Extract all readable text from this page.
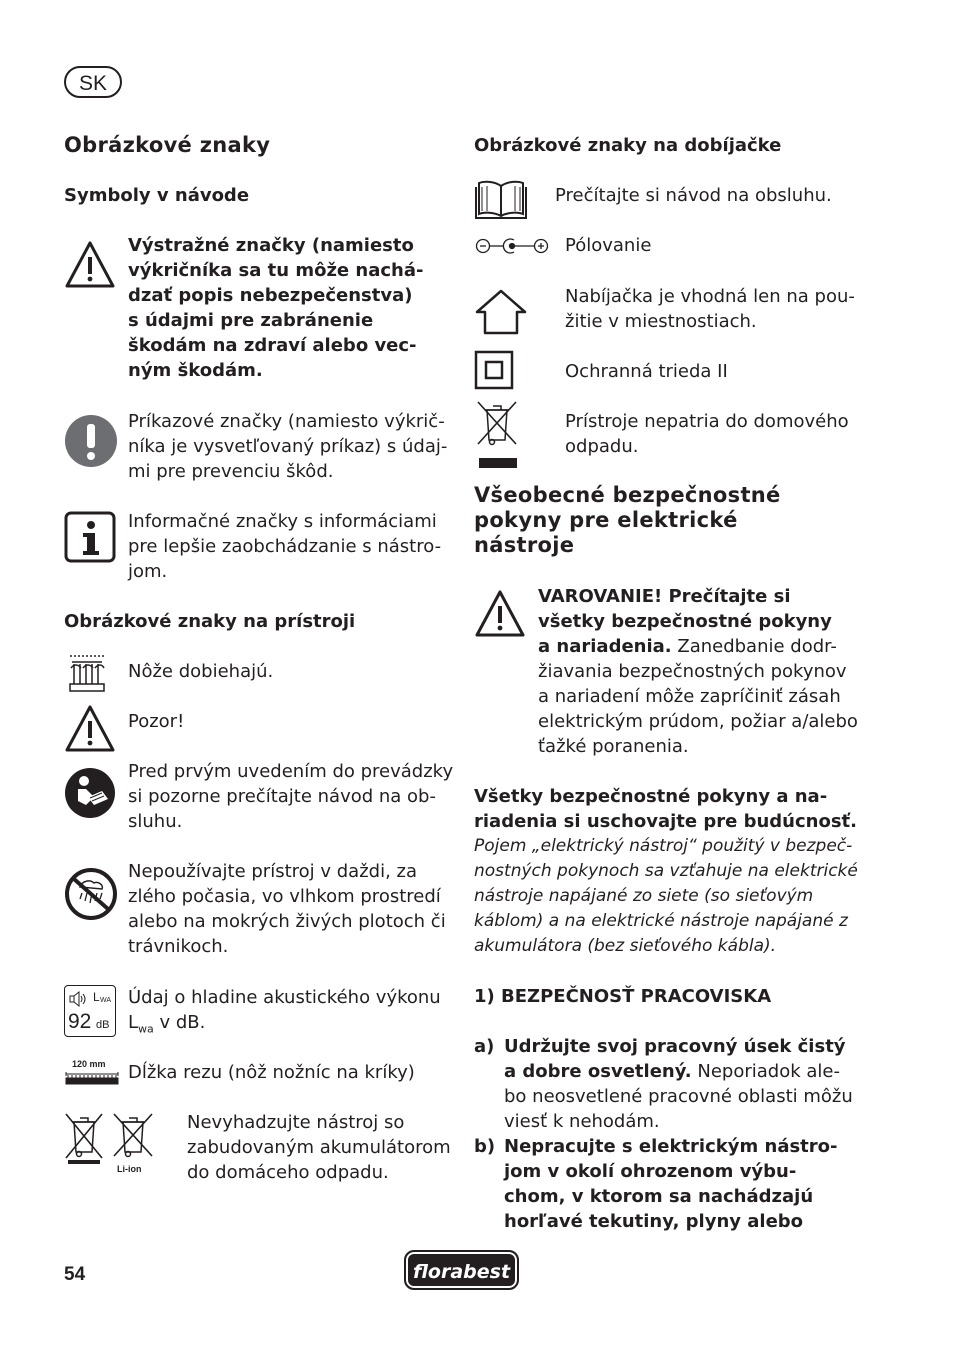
SK
Obrázkové znaky
Symboly v návode
Výstražné značky (namiesto
výkričníka sa tu môže nachá-
dzať popis nebezpečenstva)
s údajmi pre zabránenie
škodám na zdraví alebo vec-
ným škodám.
Príkazové značky (namiesto výkrič-
níka je vysvetľovaný príkaz) s údaj-
mi pre prevenciu škôd.
Informačné značky s informáciami
pre lepšie zaobchádzanie s nástro-
jom.
Obrázkové znaky na prístroji
Nôže dobiehajú.
Pozor!
Pred prvým uvedením do prevádzky
si pozorne prečítajte návod na ob-
sluhu.
Nepoužívajte prístroj v daždi, za
zlého počasia, vo vlhkom prostredí
alebo na mokrých živých plotoch či
trávnikoch.
L WA
92 dB
Údaj o hladine akustického výkonu
$L_{wa}$ v dB.
120 mm Dĺžka rezu (nôž nožníc na kríky)
Li-ion
Nevyhadzujte nástroj so
zabudovaným akumulátorom
do domáceho odpadu.
Obrázkové znaky na dobíjačke
Prečítajte si návod na obsluhu.
Pólovanie
Nabíjačka je vhodná len na pou-
žitie v miestnostiach.
Ochranná trieda II
Prístroje nepatria do domového
odpadu.
Všeobecné bezpečnostné
pokyny pre elektrické
nástroje
VAROVANIE! Prečítajte si
všetky bezpečnostné pokyny
a nariadenia. Zanedbanie dodr-
žiavania bezpečnostných pokynov
a nariadení môže zapríčiniť zásah
elektrickým prúdom, požiar a/alebo
ťažké poranenia.
Všetky bezpečnostné pokyny a na-
riadenia si uschovajte pre budúcnosť.
Pojem „elektrický nástroj“ použitý v bezpeč-
nostných pokynoch sa vzťahuje na elektrické
nástroje napájané zo siete (so sieťovým
káblom) a na elektrické nástroje napájané z
akumulátora (bez sieťového kábla).
1) BEZPEČNOSŤ PRACOVISKA
a) Udržujte svoj pracovný úsek čistý
a dobre osvetlený. Neporiadok ale-
bo neosvetlené pracovné oblasti môžu
viesť k nehodám.
b) Nepracujte s elektrickým nástro-
jom v okolí ohrozenom výbu-
chom, v ktorom sa nachádzajú
horľavé tekutiny, plyny alebo
54	florabest
